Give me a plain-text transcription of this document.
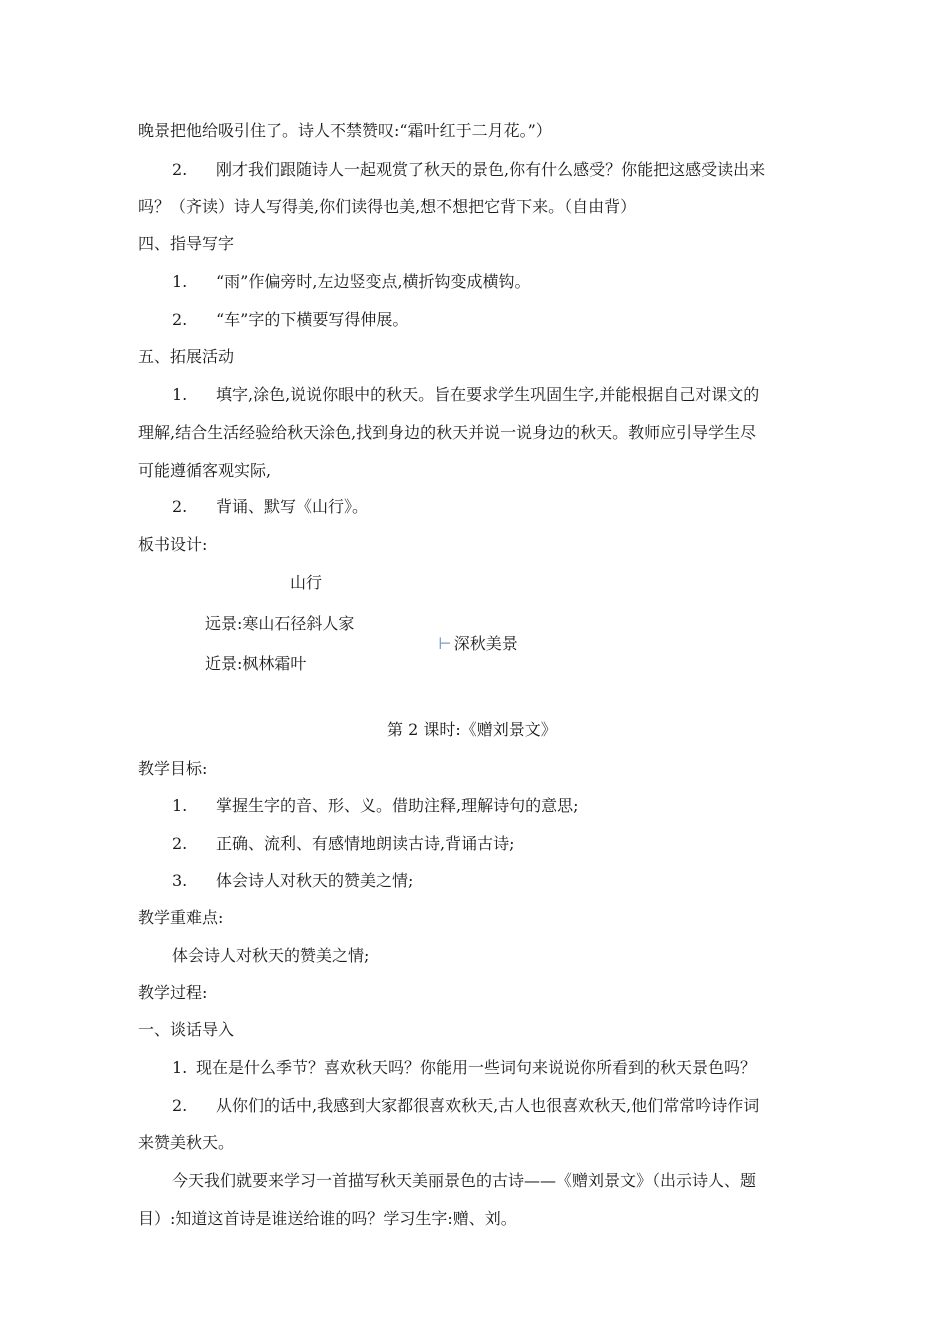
晚景把他给吸引住了。诗人不禁赞叹:“霜叶红于二月花。”）
2. 刚才我们跟随诗人一起观赏了秋天的景色,你有什么感受？你能把这感受读出来
吗？（齐读）诗人写得美,你们读得也美,想不想把它背下来。（自由背）
四、指导写字
1. “雨”作偏旁时,左边竖变点,横折钩变成横钩。
2. “车”字的下横要写得伸展。
五、拓展活动
1. 填字,涂色,说说你眼中的秋天。旨在要求学生巩固生字,并能根据自己对课文的
理解,结合生活经验给秋天涂色,找到身边的秋天并说一说身边的秋天。教师应引导学生尽
可能遵循客观实际,
2. 背诵、默写《山行》。
板书设计:
山行
远景:寒山石径斜人家
近景:枫林霜叶
⊢ 深秋美景
第 2 课时:《赠刘景文》
教学目标:
1. 掌握生字的音、形、义。借助注释,理解诗句的意思;
2. 正确、流利、有感情地朗读古诗,背诵古诗;
3. 体会诗人对秋天的赞美之情;
教学重难点:
体会诗人对秋天的赞美之情;
教学过程:
一、谈话导入
1. 现在是什么季节？喜欢秋天吗？你能用一些词句来说说你所看到的秋天景色吗？
2. 从你们的话中,我感到大家都很喜欢秋天,古人也很喜欢秋天,他们常常吟诗作词
来赞美秋天。
今天我们就要来学习一首描写秋天美丽景色的古诗——《赠刘景文》（出示诗人、题
目）:知道这首诗是谁送给谁的吗？学习生字:赠、刘。
